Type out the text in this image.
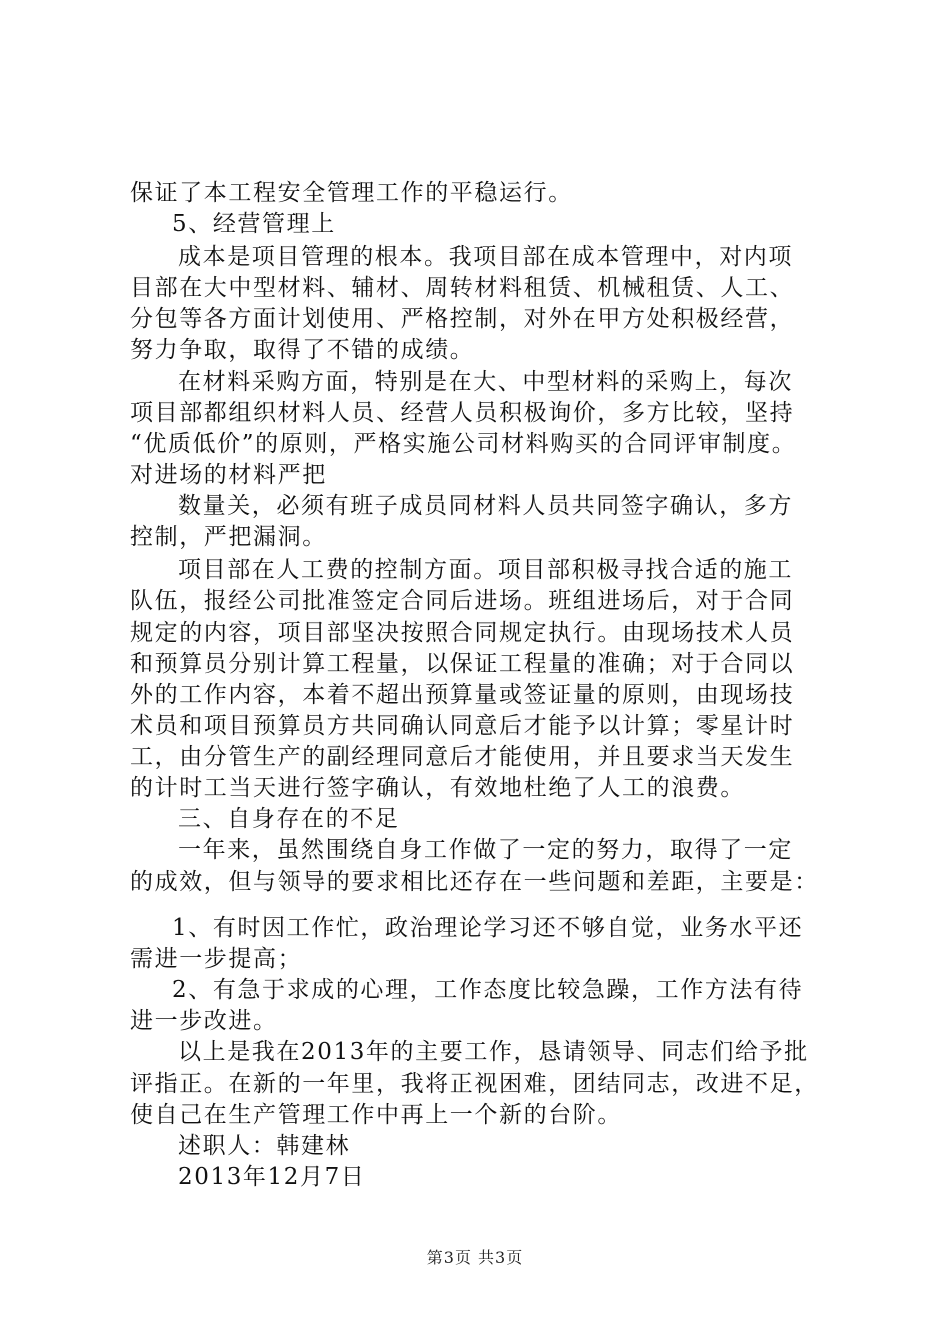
保证了本工程安全管理工作的平稳运行。
5、经营管理上
成本是项目管理的根本。我项目部在成本管理中，对内项
目部在大中型材料、辅材、周转材料租赁、机械租赁、人工、
分包等各方面计划使用、严格控制，对外在甲方处积极经营，
努力争取，取得了不错的成绩。
在材料采购方面，特别是在大、中型材料的采购上，每次
项目部都组织材料人员、经营人员积极询价，多方比较，坚持
“优质低价”的原则，严格实施公司材料购买的合同评审制度。
对进场的材料严把
数量关，必须有班子成员同材料人员共同签字确认，多方
控制，严把漏洞。
项目部在人工费的控制方面。项目部积极寻找合适的施工
队伍，报经公司批准签定合同后进场。班组进场后，对于合同
规定的内容，项目部坚决按照合同规定执行。由现场技术人员
和预算员分别计算工程量，以保证工程量的准确；对于合同以
外的工作内容，本着不超出预算量或签证量的原则，由现场技
术员和项目预算员方共同确认同意后才能予以计算；零星计时
工，由分管生产的副经理同意后才能使用，并且要求当天发生
的计时工当天进行签字确认，有效地杜绝了人工的浪费。
三、自身存在的不足
一年来，虽然围绕自身工作做了一定的努力，取得了一定
的成效，但与领导的要求相比还存在一些问题和差距，主要是：
1、有时因工作忙，政治理论学习还不够自觉，业务水平还
需进一步提高；
2、有急于求成的心理，工作态度比较急躁，工作方法有待
进一步改进。
以上是我在2013年的主要工作，恳请领导、同志们给予批
评指正。在新的一年里，我将正视困难，团结同志，改进不足，
使自己在生产管理工作中再上一个新的台阶。
述职人：韩建林
2013年12月7日
第3页 共3页
